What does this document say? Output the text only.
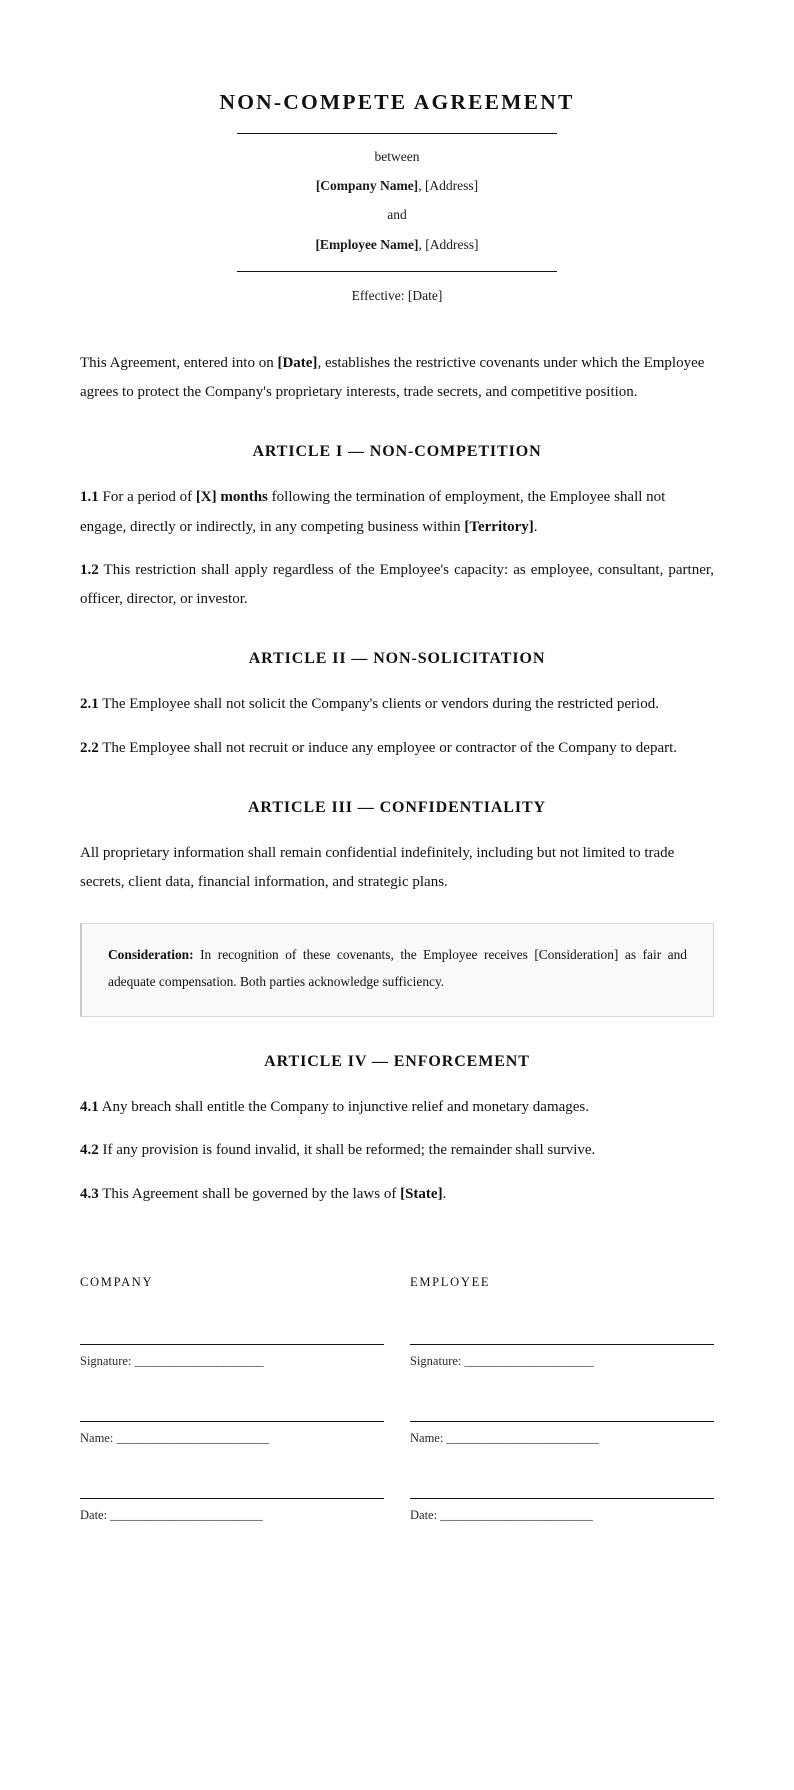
NON-COMPETE AGREEMENT
between
[Company Name], [Address]
and
[Employee Name], [Address]
Effective: [Date]

This Agreement, entered into on [Date], establishes the restrictive covenants under which the Employee agrees to protect the Company's proprietary interests, trade secrets, and competitive position.

ARTICLE I — NON-COMPETITION

1.1 For a period of [X] months following the termination of employment, the Employee shall not engage, directly or indirectly, in any competing business within [Territory].

1.2 This restriction shall apply regardless of the Employee's capacity: as employee, consultant, partner, officer, director, or investor.

ARTICLE II — NON-SOLICITATION

2.1 The Employee shall not solicit the Company's clients or vendors during the restricted period.

2.2 The Employee shall not recruit or induce any employee or contractor of the Company to depart.

ARTICLE III — CONFIDENTIALITY

All proprietary information shall remain confidential indefinitely, including but not limited to trade secrets, client data, financial information, and strategic plans.

Consideration: In recognition of these covenants, the Employee receives [Consideration] as fair and adequate compensation. Both parties acknowledge sufficiency.

ARTICLE IV — ENFORCEMENT

4.1 Any breach shall entitle the Company to injunctive relief and monetary damages.

4.2 If any provision is found invalid, it shall be reformed; the remainder shall survive.

4.3 This Agreement shall be governed by the laws of [State].

COMPANY
Signature: ______________________
Name: __________________________
Date: __________________________
EMPLOYEE
Signature: ______________________
Name: __________________________
Date: __________________________
